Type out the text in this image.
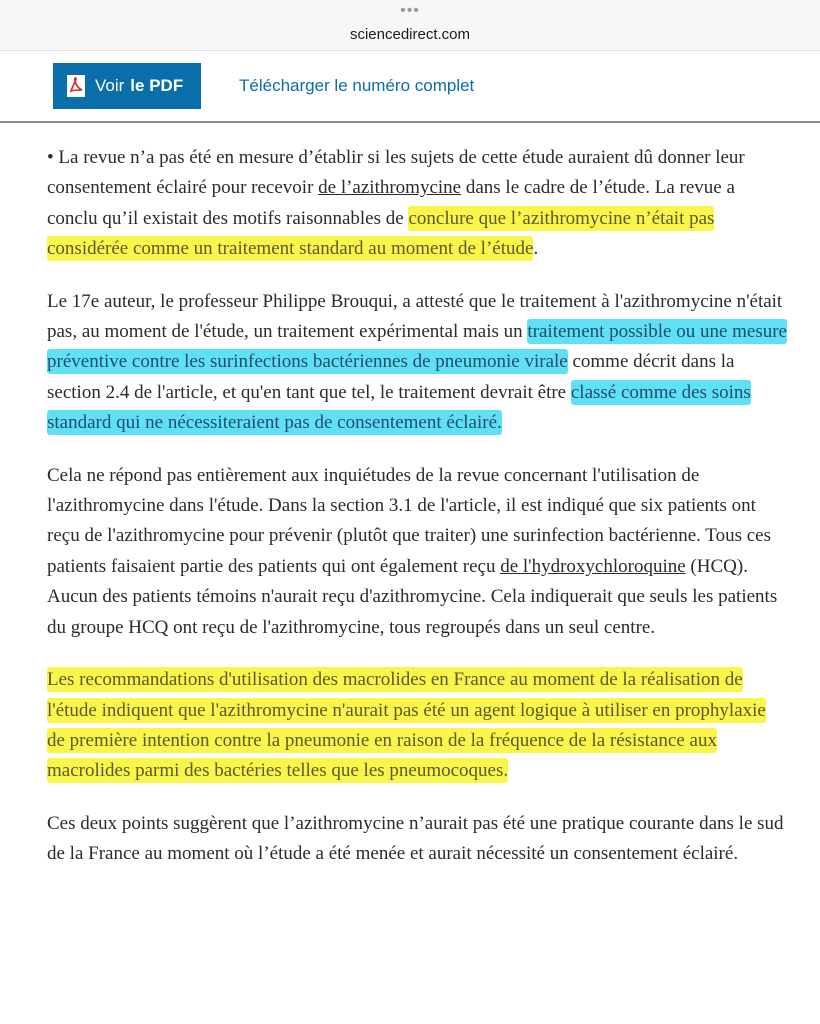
•••
sciencedirect.com
Voir le PDF	Télécharger le numéro complet

• La revue n’a pas été en mesure d’établir si les sujets de cette étude auraient dû donner leur consentement éclairé pour recevoir de l’azithromycine dans le cadre de l’étude. La revue a conclu qu’il existait des motifs raisonnables de conclure que l’azithromycine n’était pas considérée comme un traitement standard au moment de l’étude.

Le 17e auteur, le professeur Philippe Brouqui, a attesté que le traitement à l'azithromycine n'était pas, au moment de l'étude, un traitement expérimental mais un traitement possible ou une mesure préventive contre les surinfections bactériennes de pneumonie virale comme décrit dans la section 2.4 de l'article, et qu'en tant que tel, le traitement devrait être classé comme des soins standard qui ne nécessiteraient pas de consentement éclairé.

Cela ne répond pas entièrement aux inquiétudes de la revue concernant l'utilisation de l'azithromycine dans l'étude. Dans la section 3.1 de l'article, il est indiqué que six patients ont reçu de l'azithromycine pour prévenir (plutôt que traiter) une surinfection bactérienne. Tous ces patients faisaient partie des patients qui ont également reçu de l'hydroxychloroquine (HCQ). Aucun des patients témoins n'aurait reçu d'azithromycine. Cela indiquerait que seuls les patients du groupe HCQ ont reçu de l'azithromycine, tous regroupés dans un seul centre.

Les recommandations d'utilisation des macrolides en France au moment de la réalisation de l'étude indiquent que l'azithromycine n'aurait pas été un agent logique à utiliser en prophylaxie de première intention contre la pneumonie en raison de la fréquence de la résistance aux macrolides parmi des bactéries telles que les pneumocoques.

Ces deux points suggèrent que l’azithromycine n’aurait pas été une pratique courante dans le sud de la France au moment où l’étude a été menée et aurait nécessité un consentement éclairé.
